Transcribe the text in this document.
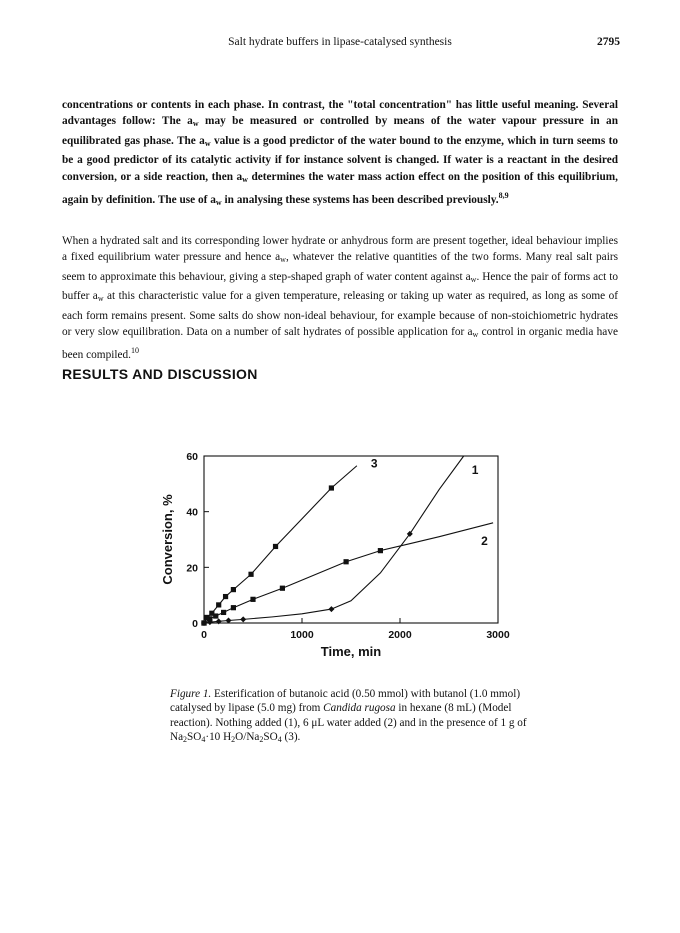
Salt hydrate buffers in lipase-catalysed synthesis	2795

concentrations or contents in each phase. In contrast, the "total concentration" has little useful meaning. Several advantages follow: The $a_w$ may be measured or controlled by means of the water vapour pressure in an equilibrated gas phase. The $a_w$ value is a good predictor of the water bound to the enzyme, which in turn seems to be a good predictor of its catalytic activity if for instance solvent is changed. If water is a reactant in the desired conversion, or a side reaction, then $a_w$ determines the water mass action effect on the position of this equilibrium, again by definition. The use of $a_w$ in analysing these systems has been described previously.$^{8,9}$

When a hydrated salt and its corresponding lower hydrate or anhydrous form are present together, ideal behaviour implies a fixed equilibrium water pressure and hence $a_w$, whatever the relative quantities of the two forms. Many real salt pairs seem to approximate this behaviour, giving a step-shaped graph of water content against $a_w$. Hence the pair of forms act to buffer $a_w$ at this characteristic value for a given temperature, releasing or taking up water as required, as long as some of each form remains present. Some salts do show non-ideal behaviour, for example because of non-stoichiometric hydrates or very slow equilibration. Data on a number of salt hydrates of possible application for $a_w$ control in organic media have been compiled.$^{10}$

RESULTS AND DISCUSSION
0	1000	2000	3000
0
20
40
60
Time, min
Conversion, %
1
2
3

Figure 1. Esterification of butanoic acid (0.50 mmol) with butanol (1.0 mmol) catalysed by lipase (5.0 mg) from Candida rugosa in hexane (8 mL) (Model reaction). Nothing added (1), 6 μL water added (2) and in the presence of 1 g of $Na_2SO_4\cdot 10$ $H_2O/Na_2SO_4$ (3).
